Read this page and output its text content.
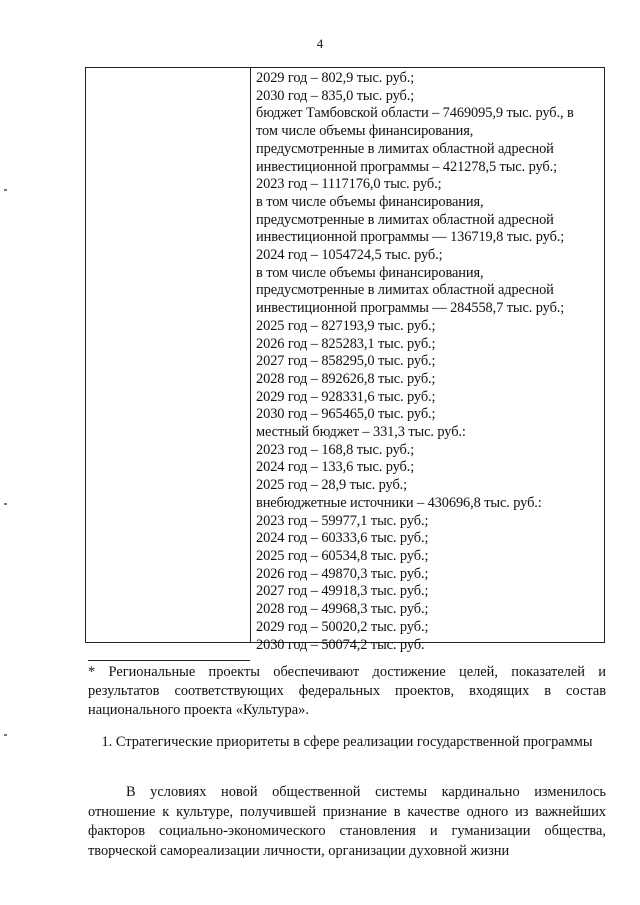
4
2029 год – 802,9 тыс. руб.;
2030 год – 835,0 тыс. руб.;
бюджет Тамбовской области – 7469095,9 тыс. руб., в
том числе объемы финансирования,
предусмотренные в лимитах областной адресной
инвестиционной программы – 421278,5 тыс. руб.;
2023 год – 1117176,0 тыс. руб.;
в том числе объемы финансирования,
предусмотренные в лимитах областной адресной
инвестиционной программы — 136719,8 тыс. руб.;
2024 год – 1054724,5 тыс. руб.;
в том числе объемы финансирования,
предусмотренные в лимитах областной адресной
инвестиционной программы — 284558,7 тыс. руб.;
2025 год – 827193,9 тыс. руб.;
2026 год – 825283,1 тыс. руб.;
2027 год – 858295,0 тыс. руб.;
2028 год – 892626,8 тыс. руб.;
2029 год – 928331,6 тыс. руб.;
2030 год – 965465,0 тыс. руб.;
местный бюджет – 331,3 тыс. руб.:
2023 год – 168,8 тыс. руб.;
2024 год – 133,6 тыс. руб.;
2025 год – 28,9 тыс. руб.;
внебюджетные источники – 430696,8 тыс. руб.:
2023 год – 59977,1 тыс. руб.;
2024 год – 60333,6 тыс. руб.;
2025 год – 60534,8 тыс. руб.;
2026 год – 49870,3 тыс. руб.;
2027 год – 49918,3 тыс. руб.;
2028 год – 49968,3 тыс. руб.;
2029 год – 50020,2 тыс. руб.;
2030 год – 50074,2 тыс. руб.
* Региональные проекты обеспечивают достижение целей, показателей и результатов соответствующих федеральных проектов, входящих в состав национального проекта «Культура».
1. Стратегические приоритеты в сфере реализации государственной программы
В условиях новой общественной системы кардинально изменилось отношение к культуре, получившей признание в качестве одного из важнейших факторов социально-экономического становления и гуманизации общества, творческой самореализации личности, организации духовной жизни
